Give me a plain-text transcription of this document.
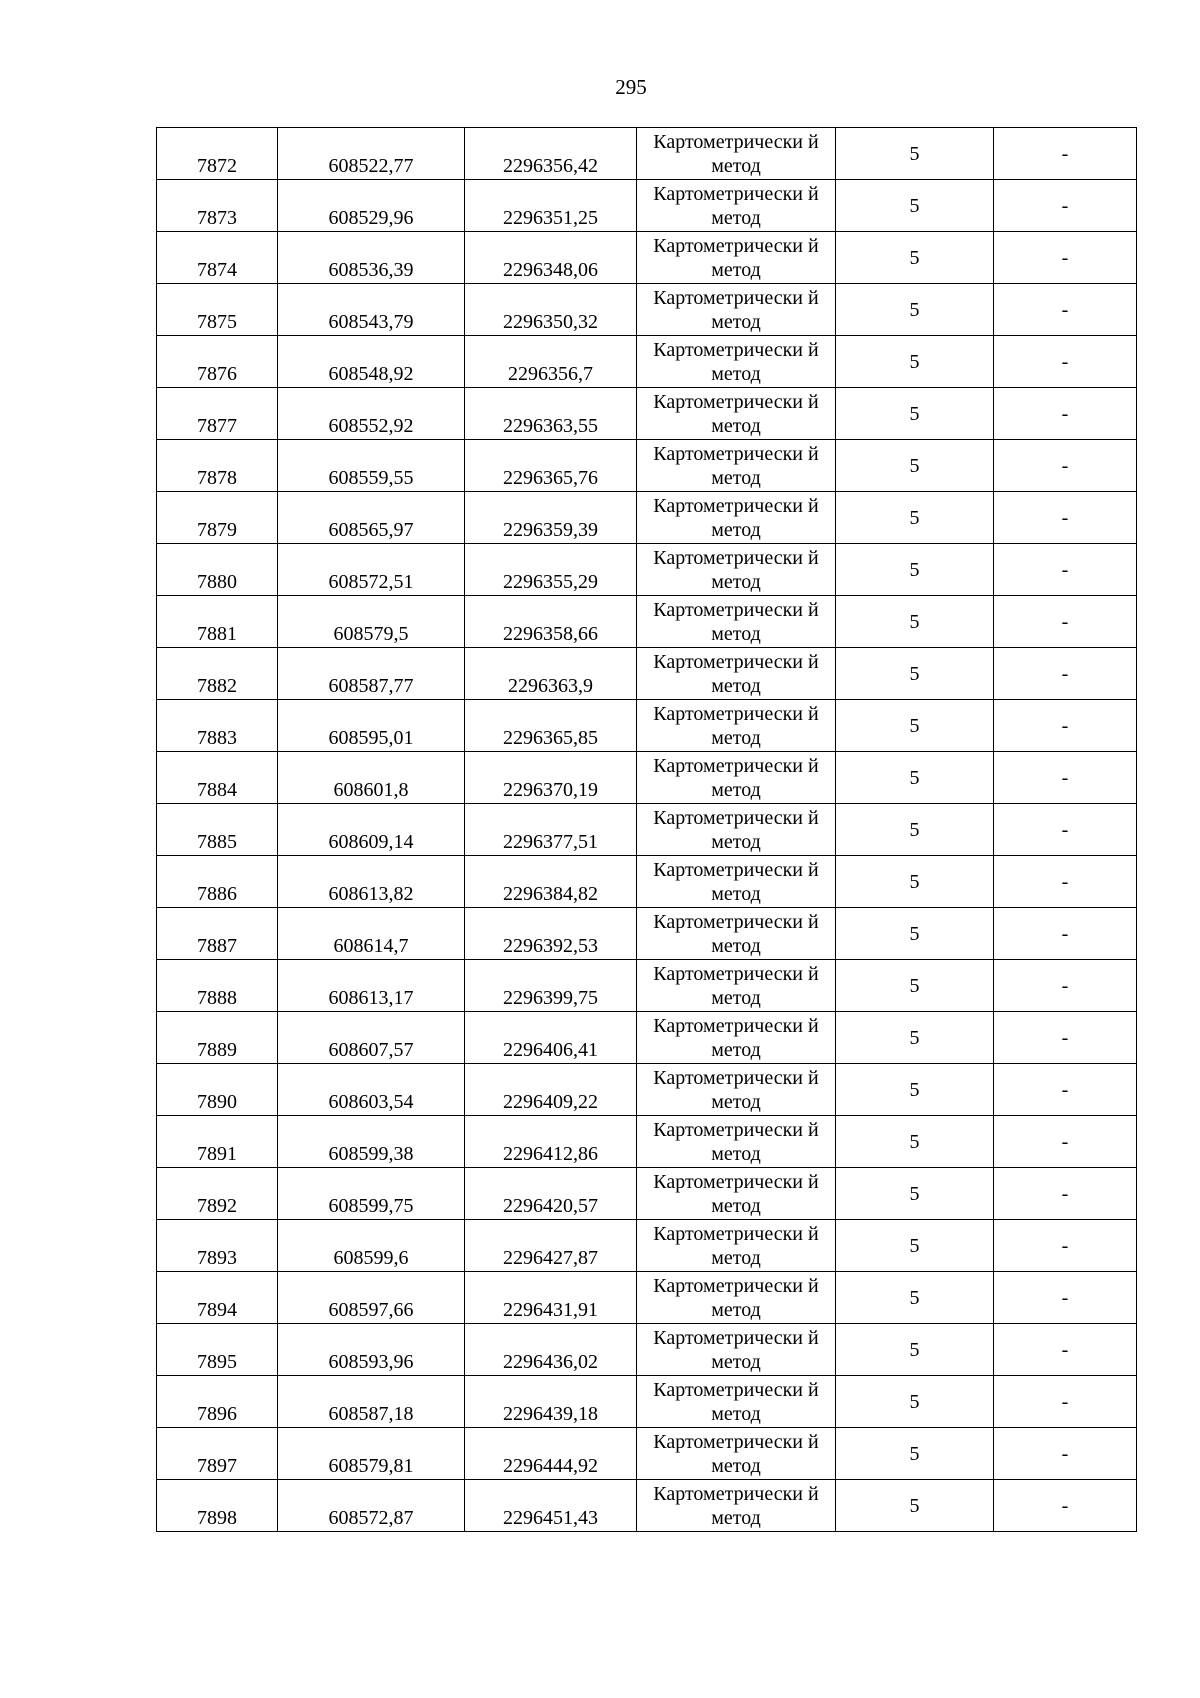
295
7872	608522,77	2296356,42	Картометрически й метод	5	-
7873	608529,96	2296351,25	Картометрически й метод	5	-
7874	608536,39	2296348,06	Картометрически й метод	5	-
7875	608543,79	2296350,32	Картометрически й метод	5	-
7876	608548,92	2296356,7	Картометрически й метод	5	-
7877	608552,92	2296363,55	Картометрически й метод	5	-
7878	608559,55	2296365,76	Картометрически й метод	5	-
7879	608565,97	2296359,39	Картометрически й метод	5	-
7880	608572,51	2296355,29	Картометрически й метод	5	-
7881	608579,5	2296358,66	Картометрически й метод	5	-
7882	608587,77	2296363,9	Картометрически й метод	5	-
7883	608595,01	2296365,85	Картометрически й метод	5	-
7884	608601,8	2296370,19	Картометрически й метод	5	-
7885	608609,14	2296377,51	Картометрически й метод	5	-
7886	608613,82	2296384,82	Картометрически й метод	5	-
7887	608614,7	2296392,53	Картометрически й метод	5	-
7888	608613,17	2296399,75	Картометрически й метод	5	-
7889	608607,57	2296406,41	Картометрически й метод	5	-
7890	608603,54	2296409,22	Картометрически й метод	5	-
7891	608599,38	2296412,86	Картометрически й метод	5	-
7892	608599,75	2296420,57	Картометрически й метод	5	-
7893	608599,6	2296427,87	Картометрически й метод	5	-
7894	608597,66	2296431,91	Картометрически й метод	5	-
7895	608593,96	2296436,02	Картометрически й метод	5	-
7896	608587,18	2296439,18	Картометрически й метод	5	-
7897	608579,81	2296444,92	Картометрически й метод	5	-
7898	608572,87	2296451,43	Картометрически й метод	5	-
